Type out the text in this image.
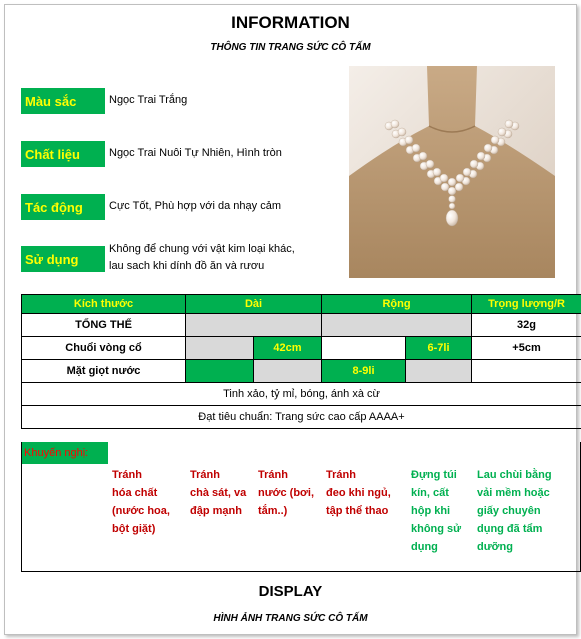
INFORMATION
THÔNG TIN TRANG SỨC CÔ TẤM
Màu sắc	Ngọc Trai Trắng
Chất liệu	Ngọc Trai Nuôi Tự Nhiên, Hình tròn
Tác động	Cực Tốt, Phù hợp với da nhạy cảm
Sử dụng
Không để chung với vật kim loại khác,
lau sach khi dính đồ ăn và rươu
Kích thước	Dài		Rộng		Trọng lượng/R
TỔNG THỂ					32g
Chuổi vòng cổ		42cm		6-7li	+5cm
Mặt giọt nước			8-9li		
Tinh xảo, tỷ mỉ, bóng, ánh xà cừ					
Đạt tiêu chuẩn: Trang sức cao cấp AAAA+					
Khuyến nghị:
Tránh
hóa chất
(nước hoa,
bột giặt)
Tránh
chà sát, va
đập mạnh
Tránh
nước (bơi,
tắm..)
Tránh
đeo khi ngủ,
tập thể thao
Đựng túi
kín, cất
hộp khi
không sử
dụng
Lau chùi bằng
vải mềm hoặc
giấy chuyên
dụng đã tẩm
dưỡng
DISPLAY
HÌNH ẢNH TRANG SỨC CÔ TẤM
